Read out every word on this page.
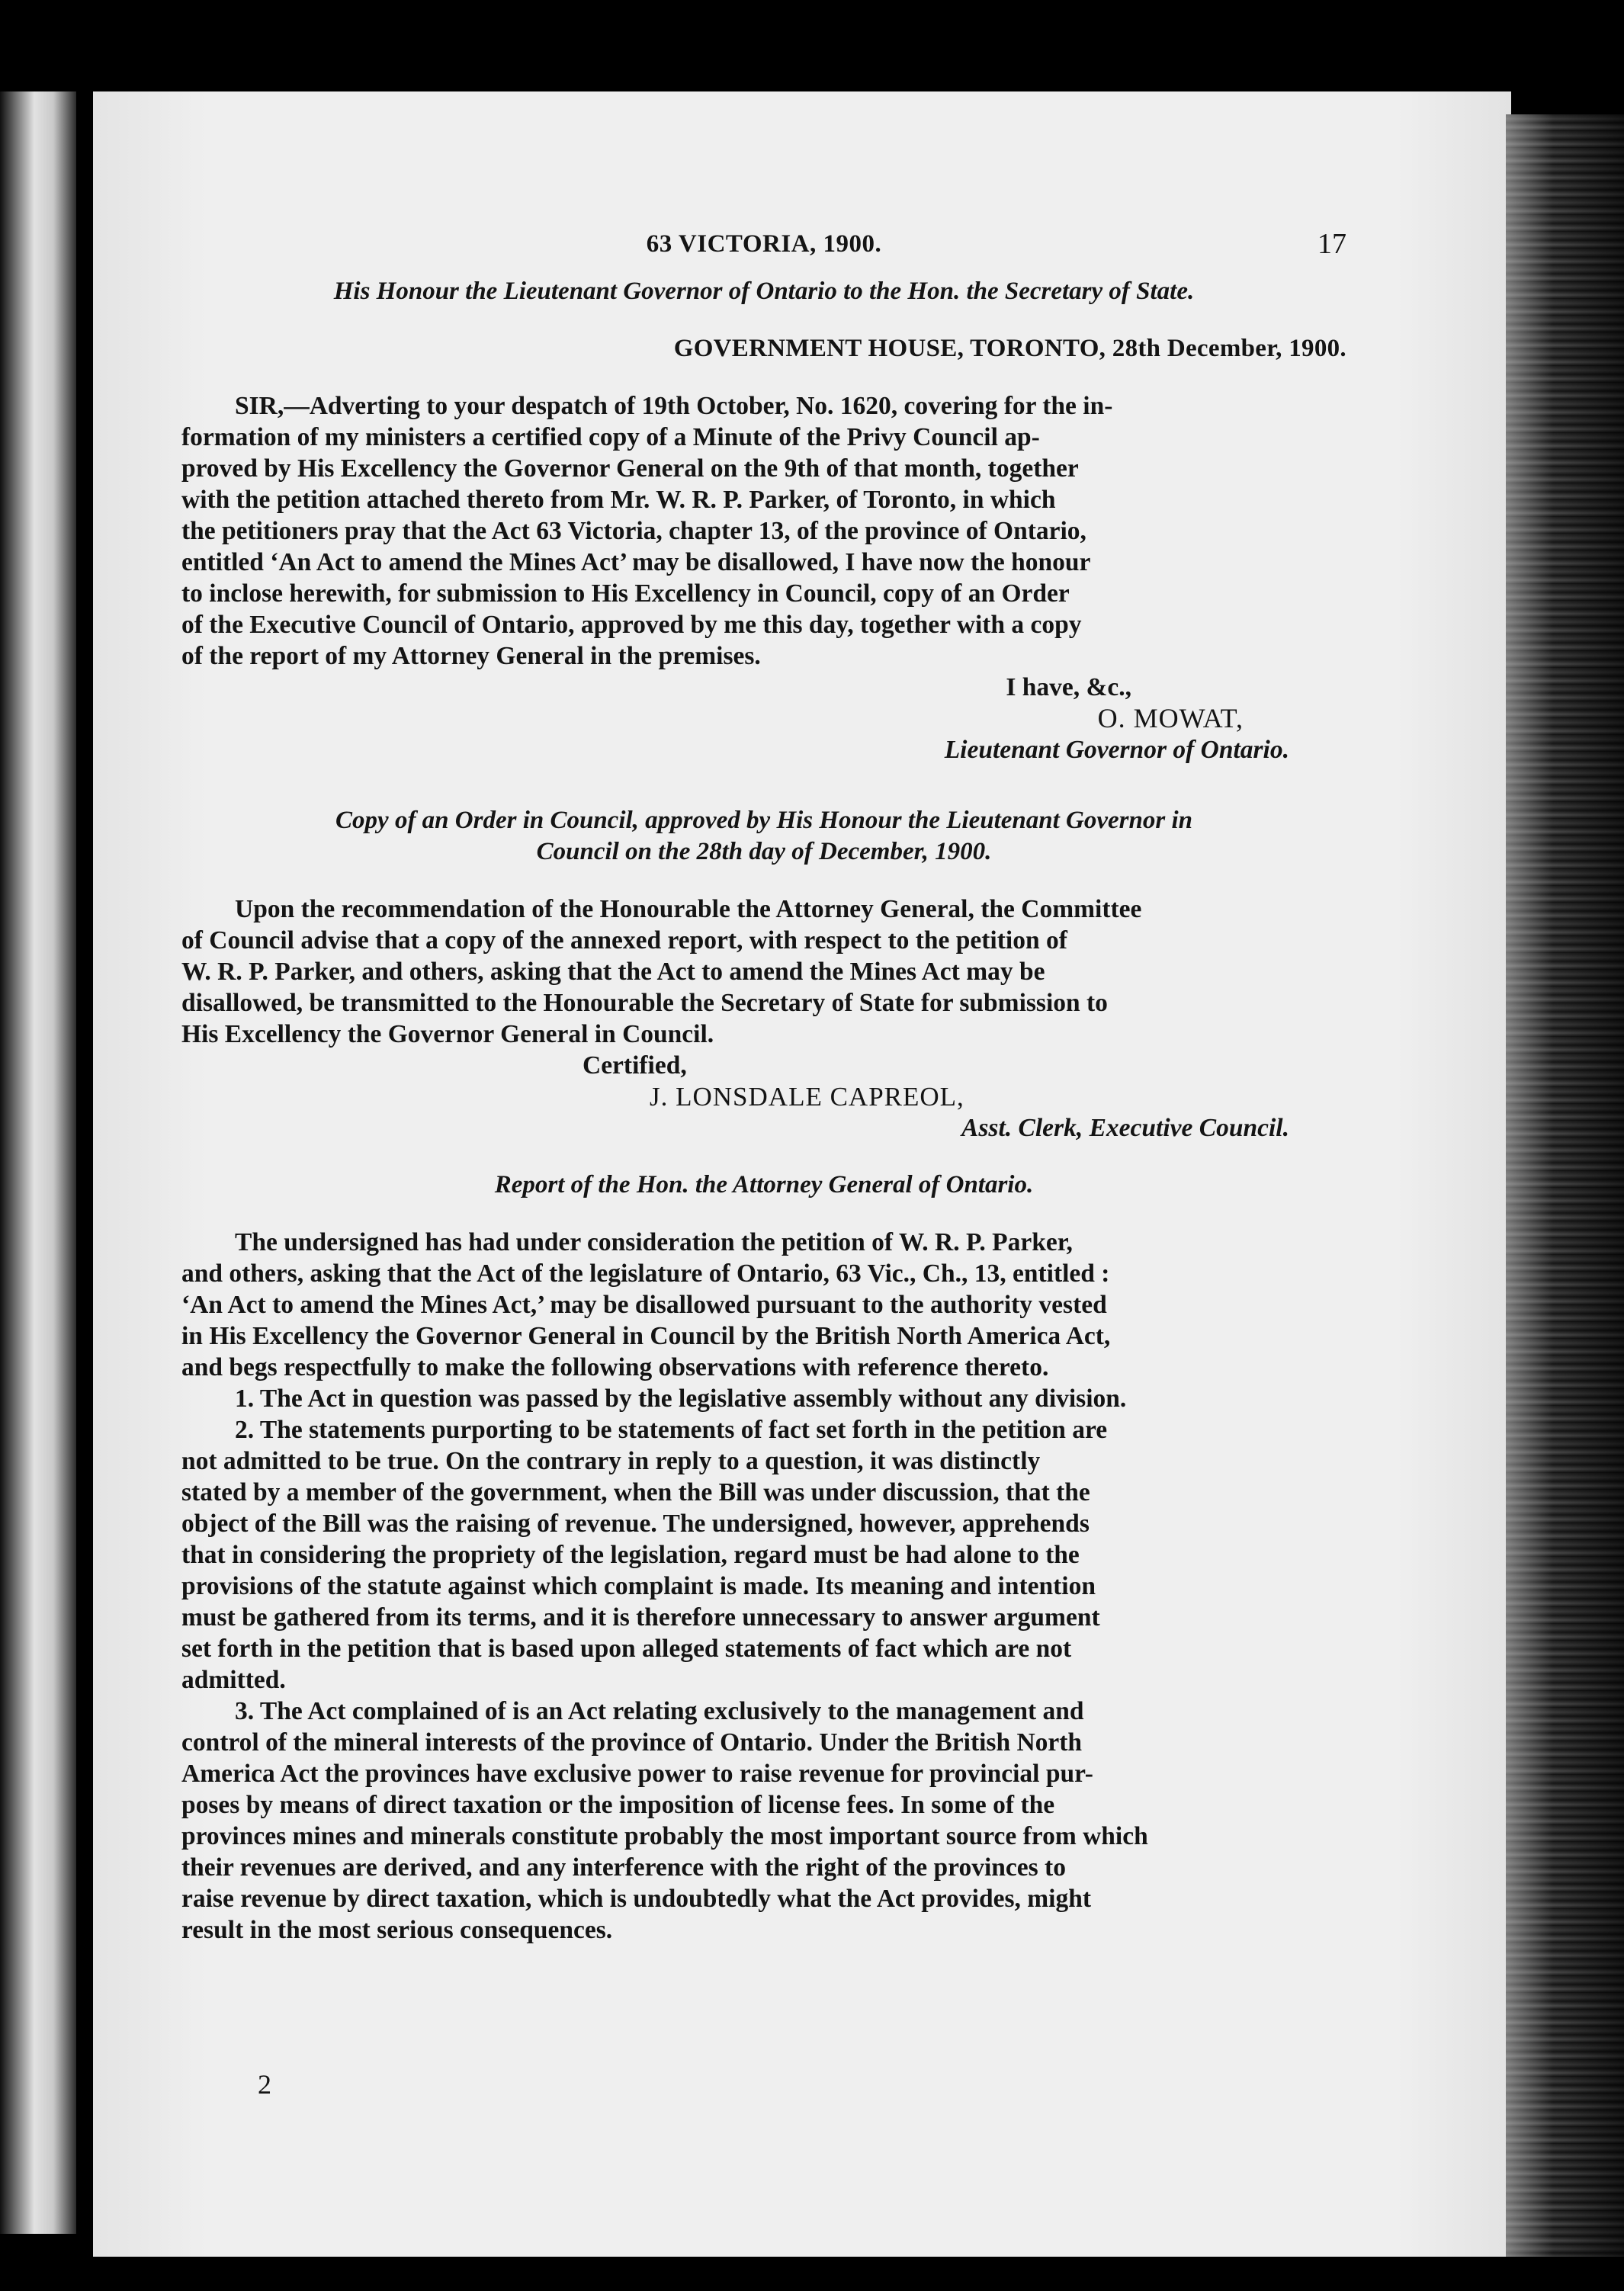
63 VICTORIA, 1900.	17
His Honour the Lieutenant Governor of Ontario to the Hon. the Secretary of State.
GOVERNMENT HOUSE, TORONTO, 28th December, 1900.
SIR,—Adverting to your despatch of 19th October, No. 1620, covering for the in-
formation of my ministers a certified copy of a Minute of the Privy Council ap-
proved by His Excellency the Governor General on the 9th of that month, together
with the petition attached thereto from Mr. W. R. P. Parker, of Toronto, in which
the petitioners pray that the Act 63 Victoria, chapter 13, of the province of Ontario,
entitled ‘An Act to amend the Mines Act’ may be disallowed, I have now the honour
to inclose herewith, for submission to His Excellency in Council, copy of an Order
of the Executive Council of Ontario, approved by me this day, together with a copy
of the report of my Attorney General in the premises.
I have, &c.,
O. MOWAT,
Lieutenant Governor of Ontario.
Copy of an Order in Council, approved by His Honour the Lieutenant Governor in
Council on the 28th day of December, 1900.
Upon the recommendation of the Honourable the Attorney General, the Committee
of Council advise that a copy of the annexed report, with respect to the petition of
W. R. P. Parker, and others, asking that the Act to amend the Mines Act may be
disallowed, be transmitted to the Honourable the Secretary of State for submission to
His Excellency the Governor General in Council.
Certified,
J. LONSDALE CAPREOL,
Asst. Clerk, Executive Council.
Report of the Hon. the Attorney General of Ontario.
The undersigned has had under consideration the petition of W. R. P. Parker,
and others, asking that the Act of the legislature of Ontario, 63 Vic., Ch., 13, entitled :
‘An Act to amend the Mines Act,’ may be disallowed pursuant to the authority vested
in His Excellency the Governor General in Council by the British North America Act,
and begs respectfully to make the following observations with reference thereto.
1. The Act in question was passed by the legislative assembly without any division.
2. The statements purporting to be statements of fact set forth in the petition are
not admitted to be true. On the contrary in reply to a question, it was distinctly
stated by a member of the government, when the Bill was under discussion, that the
object of the Bill was the raising of revenue. The undersigned, however, apprehends
that in considering the propriety of the legislation, regard must be had alone to the
provisions of the statute against which complaint is made. Its meaning and intention
must be gathered from its terms, and it is therefore unnecessary to answer argument
set forth in the petition that is based upon alleged statements of fact which are not
admitted.
3. The Act complained of is an Act relating exclusively to the management and
control of the mineral interests of the province of Ontario. Under the British North
America Act the provinces have exclusive power to raise revenue for provincial pur-
poses by means of direct taxation or the imposition of license fees. In some of the
provinces mines and minerals constitute probably the most important source from which
their revenues are derived, and any interference with the right of the provinces to
raise revenue by direct taxation, which is undoubtedly what the Act provides, might
result in the most serious consequences.
2
